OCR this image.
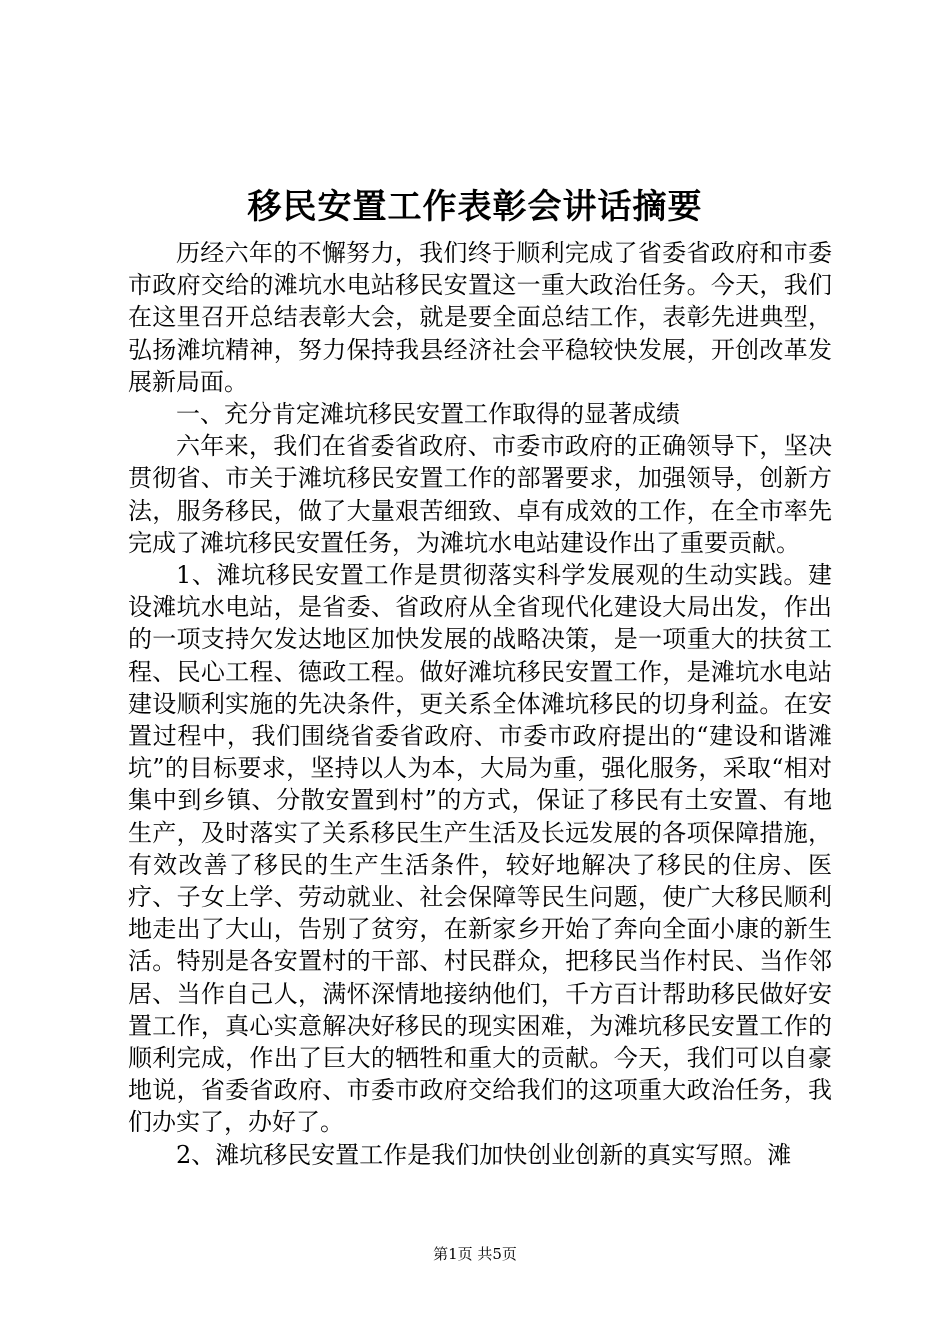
移民安置工作表彰会讲话摘要

历经六年的不懈努力，我们终于顺利完成了省委省政府和市委市政府交给的滩坑水电站移民安置这一重大政治任务。今天，我们在这里召开总结表彰大会，就是要全面总结工作，表彰先进典型，弘扬滩坑精神，努力保持我县经济社会平稳较快发展，开创改革发展新局面。

一、充分肯定滩坑移民安置工作取得的显著成绩

六年来，我们在省委省政府、市委市政府的正确领导下，坚决贯彻省、市关于滩坑移民安置工作的部署要求，加强领导，创新方法，服务移民，做了大量艰苦细致、卓有成效的工作，在全市率先完成了滩坑移民安置任务，为滩坑水电站建设作出了重要贡献。

1、滩坑移民安置工作是贯彻落实科学发展观的生动实践。建设滩坑水电站，是省委、省政府从全省现代化建设大局出发，作出的一项支持欠发达地区加快发展的战略决策，是一项重大的扶贫工程、民心工程、德政工程。做好滩坑移民安置工作，是滩坑水电站建设顺利实施的先决条件，更关系全体滩坑移民的切身利益。在安置过程中，我们围绕省委省政府、市委市政府提出的“建设和谐滩坑”的目标要求，坚持以人为本，大局为重，强化服务，采取“相对集中到乡镇、分散安置到村”的方式，保证了移民有土安置、有地生产，及时落实了关系移民生产生活及长远发展的各项保障措施，有效改善了移民的生产生活条件，较好地解决了移民的住房、医疗、子女上学、劳动就业、社会保障等民生问题，使广大移民顺利地走出了大山，告别了贫穷，在新家乡开始了奔向全面小康的新生活。特别是各安置村的干部、村民群众，把移民当作村民、当作邻居、当作自己人，满怀深情地接纳他们，千方百计帮助移民做好安置工作，真心实意解决好移民的现实困难，为滩坑移民安置工作的顺利完成，作出了巨大的牺牲和重大的贡献。今天，我们可以自豪地说，省委省政府、市委市政府交给我们的这项重大政治任务，我们办实了，办好了。

2、滩坑移民安置工作是我们加快创业创新的真实写照。滩

第1页 共5页
